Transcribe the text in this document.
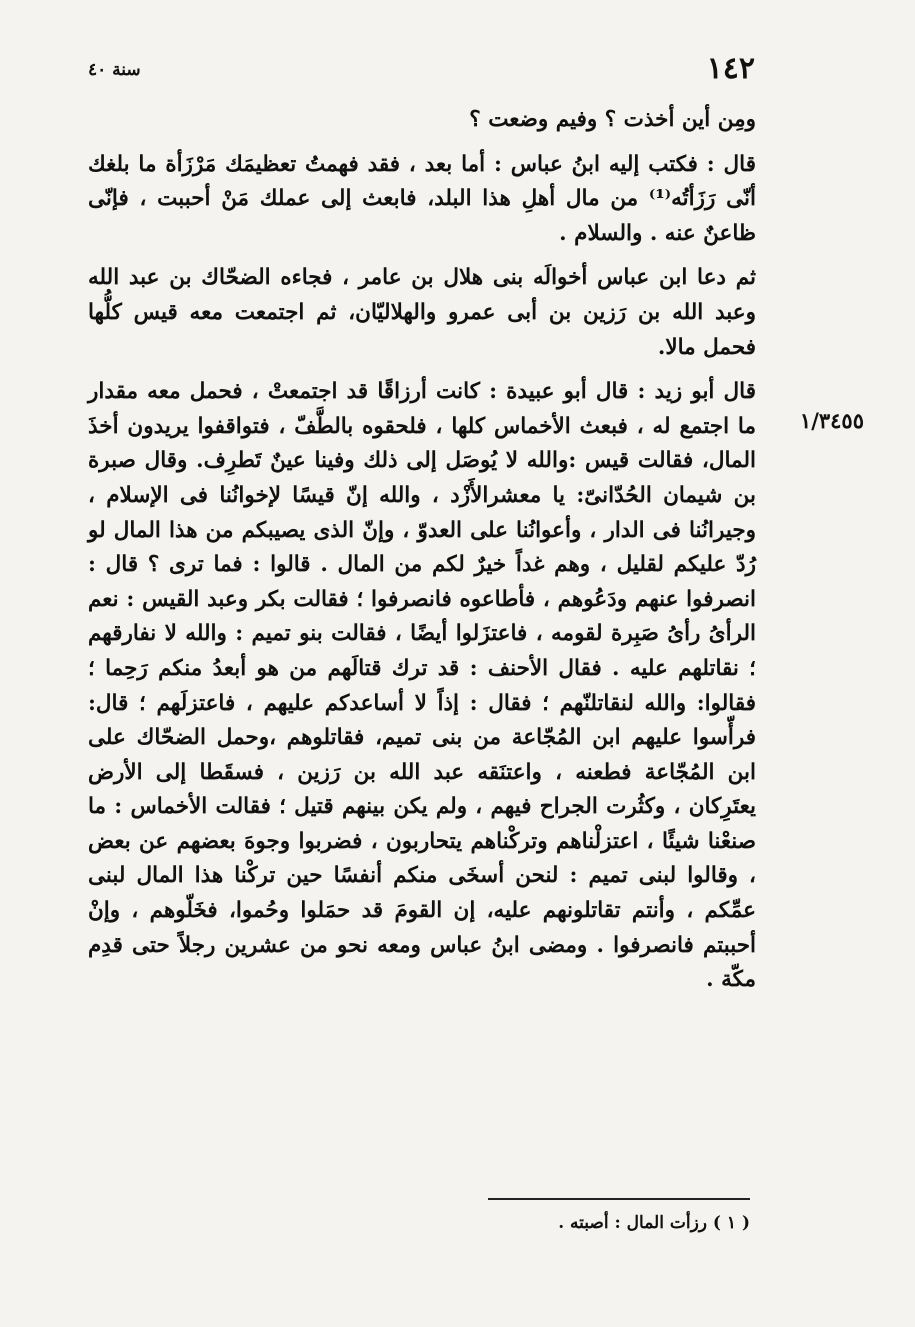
١٤٢
سنة ٤٠
١/٣٤٥٥

ومِن أين أخذت ؟ وفيم وضعت ؟

قال : فكتب إليه ابنُ عباس : أما بعد ، فقد فهمتُ تعظيمَك مَرْزَأة ما بلغك أنّى رَزَأتُه⁽¹⁾ من مال أهلِ هذا البلد، فابعث إلى عملك مَنْ أحببت ، فإنّى ظاعنٌ عنه . والسلام .

ثم دعا ابن عباس أخوالَه بنى هلال بن عامر ، فجاءه الضحّاك بن عبد الله وعبد الله بن رَزين بن أبى عمرو والهلاليّان، ثم اجتمعت معه قيس كلُّها فحمل مالا.

قال أبو زيد : قال أبو عبيدة : كانت أرزاقًا قد اجتمعتْ ، فحمل معه مقدار ما اجتمع له ، فبعث الأخماس كلها ، فلحقوه بالطَّفّ ، فتواقفوا يريدون أخذَ المال، فقالت قيس :والله لا يُوصَل إلى ذلك وفينا عينٌ تَطرِف. وقال صبرة بن شيمان الحُدّانىّ: يا معشرالأَزْد ، والله إنّ قيسًا لإخوانُنا فى الإسلام ، وجيرانُنا فى الدار ، وأعوانُنا على العدوّ ، وإنّ الذى يصيبكم من هذا المال لو رُدّ عليكم لقليل ، وهم غداً خيرٌ لكم من المال . قالوا : فما ترى ؟ قال : انصرفوا عنهم ودَعُوهم ، فأطاعوه فانصرفوا ؛ فقالت بكر وعبد القيس : نعم الرأىُ رأىُ صَبِرة لقومه ، فاعتزَلوا أيضًا ، فقالت بنو تميم : والله لا نفارقهم ؛ نقاتلهم عليه . فقال الأحنف : قد ترك قتالَهم من هو أبعدُ منكم رَحِما ؛ فقالوا: والله لنقاتلنّهم ؛ فقال : إذاً لا أساعدكم عليهم ، فاعتزلَهم ؛ قال: فرأّسوا عليهم ابن المُجّاعة من بنى تميم، فقاتلوهم ،وحمل الضحّاك على ابن المُجّاعة فطعنه ، واعتنَقه عبد الله بن رَزين ، فسقَطا إلى الأرض يعتَرِكان ، وكثُرت الجراح فيهم ، ولم يكن بينهم قتيل ؛ فقالت الأخماس : ما صنعْنا شيئًا ، اعتزلْناهم وتركْناهم يتحاربون ، فضربوا وجوهَ بعضهم عن بعض ، وقالوا لبنى تميم : لنحن أسخَى منكم أنفسًا حين تركْنا هذا المال لبنى عمِّكم ، وأنتم تقاتلونهم عليه، إن القومَ قد حمَلوا وحُموا، فخَلّوهم ، وإنْ أحببتم فانصرفوا . ومضى ابنُ عباس ومعه نحو من عشرين رجلاً حتى قدِم مكّة .

( ١ ) رزأت المال : أصبته .
